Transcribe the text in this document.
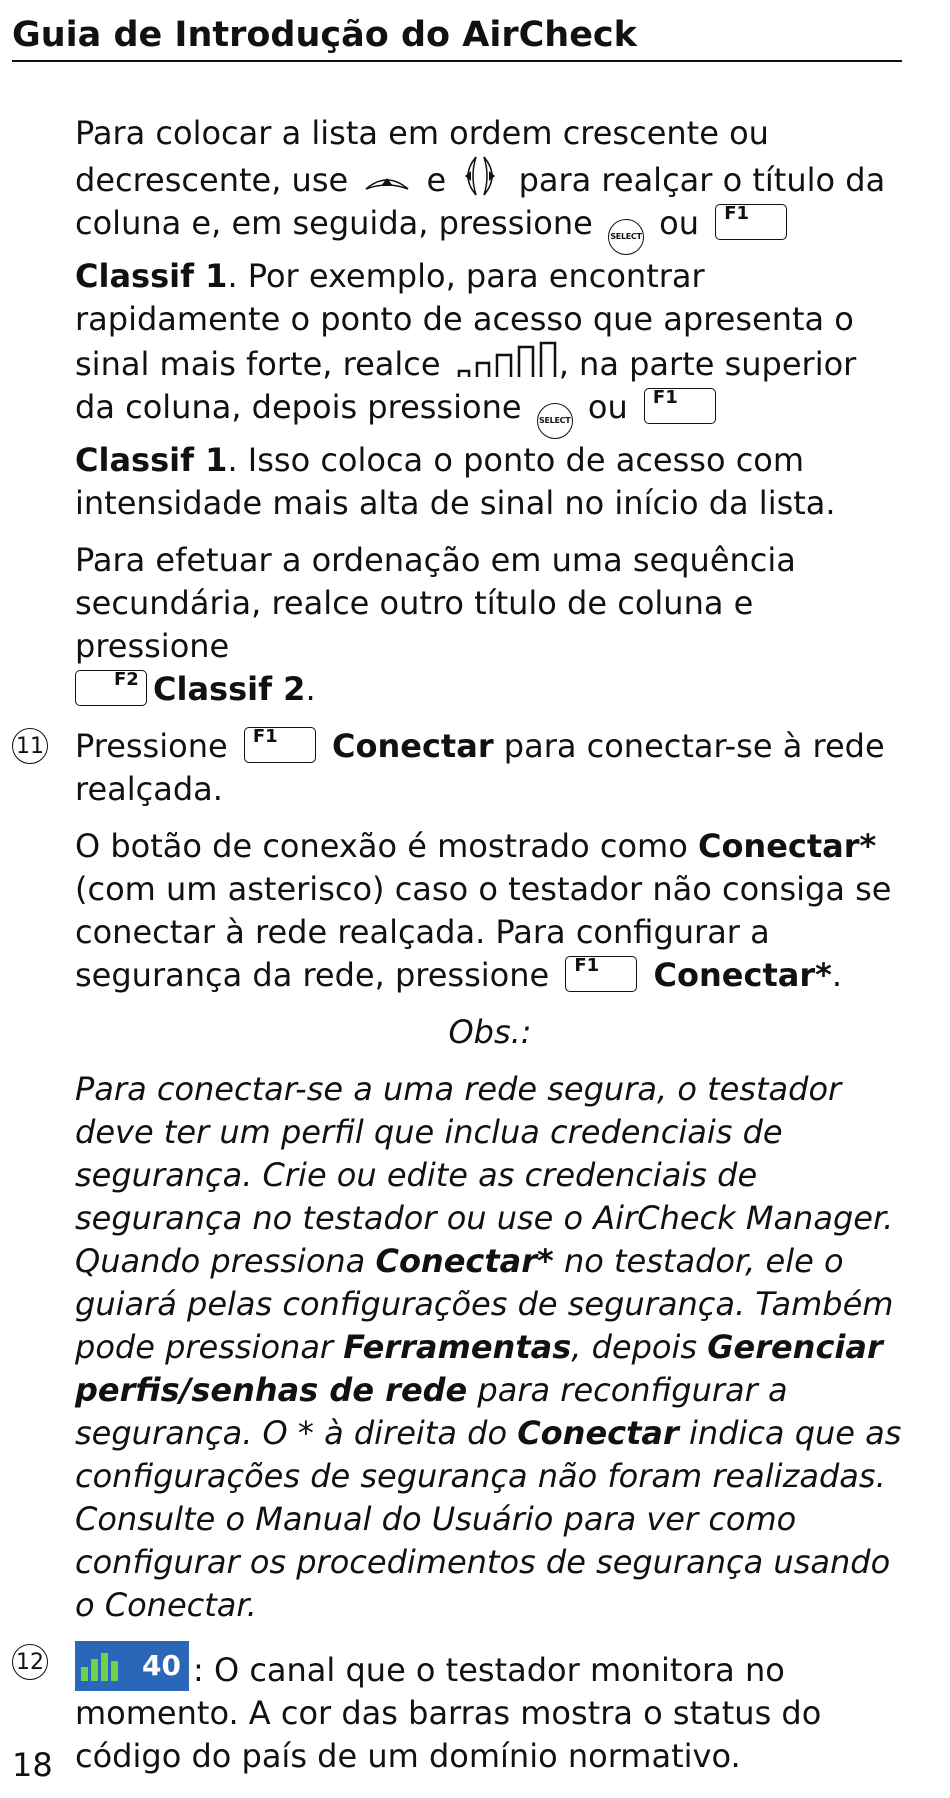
Guia de Introdução do AirCheck

Para colocar a lista em ordem crescente ou decrescente, use e para realçar o título da coluna e, em seguida, pressione SELECT ou F1

Classif 1. Por exemplo, para encontrar rapidamente o ponto de acesso que apresenta o sinal mais forte, realce	, na parte superior da coluna, depois pressione SELECT ou F1

Classif 1. Isso coloca o ponto de acesso com intensidade mais alta de sinal no início da lista.

Para efetuar a ordenação em uma sequência secundária, realce outro título de coluna e pressione

F2 Classif 2.

11 Pressione F1 Conectar para conectar-se à rede realçada.

O botão de conexão é mostrado como Conectar* (com um asterisco) caso o testador não consiga se conectar à rede realçada. Para configurar a segurança da rede, pressione F1 Conectar*.

Obs.:

Para conectar-se a uma rede segura, o testador deve ter um perfil que inclua credenciais de segurança. Crie ou edite as credenciais de segurança no testador ou use o AirCheck Manager. Quando pressiona Conectar* no testador, ele o guiará pelas configurações de segurança. Também pode pressionar Ferramentas, depois Gerenciar perfis/senhas de rede para reconfigurar a segurança. O * à direita do Conectar indica que as configurações de segurança não foram realizadas. Consulte o Manual do Usuário para ver como configurar os procedimentos de segurança usando o Conectar.

12	40 : O canal que o testador monitora no momento. A cor das barras mostra o status do código do país de um domínio normativo.

18
